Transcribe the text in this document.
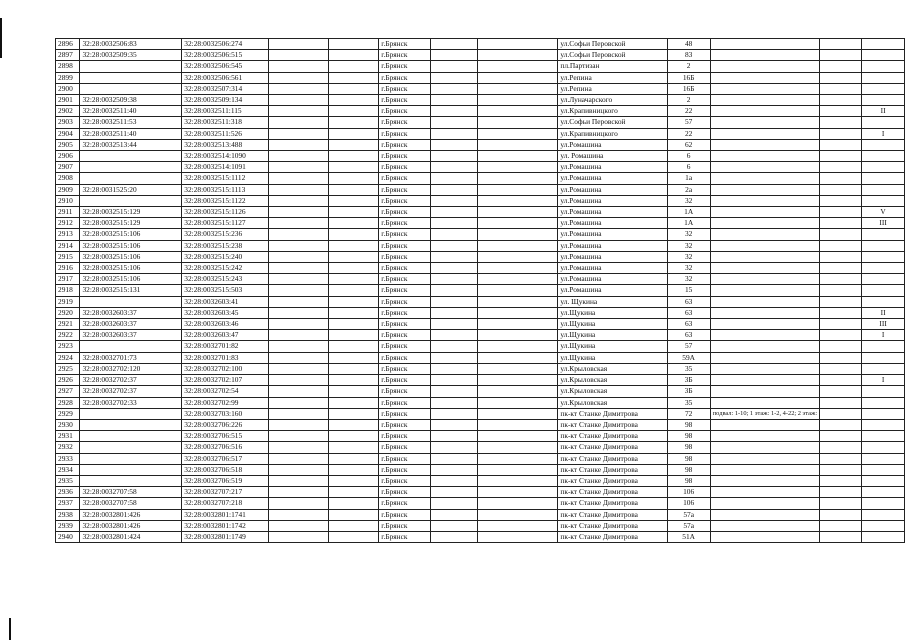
2896	32:28:0032506:83	32:28:0032506:274			г.Брянск			ул.Софьи Перовской	48			
2897	32:28:0032509:35	32:28:0032506:515			г.Брянск			ул.Софьи Перовской	83			
2898		32:28:0032506:545			г.Брянск			пл.Партизан	2			
2899		32:28:0032506:561			г.Брянск			ул.Репина	16Б			
2900		32:28:0032507:314			г.Брянск			ул.Репина	16Б			
2901	32:28:0032509:38	32:28:0032509:134			г.Брянск			ул.Луначарского	2			
2902	32:28:0032511:40	32:28:0032511:115			г.Брянск			ул.Крапивницкого	22			II
2903	32:28:0032511:53	32:28:0032511:318			г.Брянск			ул.Софьи Перовской	57			
2904	32:28:0032511:40	32:28:0032511:526			г.Брянск			ул.Крапивницкого	22			I
2905	32:28:0032513:44	32:28:0032513:488			г.Брянск			ул.Ромашина	62			
2906		32:28:0032514:1090			г.Брянск			ул. Ромашина	6			
2907		32:28:0032514:1091			г.Брянск			ул.Ромашина	6			
2908		32:28:0032515:1112			г.Брянск			ул.Ромашина	1а			
2909	32:28:0031525:20	32:28:0032515:1113			г.Брянск			ул.Ромашина	2а			
2910		32:28:0032515:1122			г.Брянск			ул.Ромашина	32			
2911	32:28:0032515:129	32:28:0032515:1126			г.Брянск			ул.Ромашина	1А			V
2912	32:28:0032515:129	32:28:0032515:1127			г.Брянск			ул.Ромашина	1А			III
2913	32:28:0032515:106	32:28:0032515:236			г.Брянск			ул.Ромашина	32			
2914	32:28:0032515:106	32:28:0032515:238			г.Брянск			ул.Ромашина	32			
2915	32:28:0032515:106	32:28:0032515:240			г.Брянск			ул.Ромашина	32			
2916	32:28:0032515:106	32:28:0032515:242			г.Брянск			ул.Ромашина	32			
2917	32:28:0032515:106	32:28:0032515:243			г.Брянск			ул.Ромашина	32			
2918	32:28:0032515:131	32:28:0032515:503			г.Брянск			ул.Ромашина	15			
2919		32:28:0032603:41			г.Брянск			ул. Щукина	63			
2920	32:28:0032603:37	32:28:0032603:45			г.Брянск			ул.Щукина	63			II
2921	32:28:0032603:37	32:28:0032603:46			г.Брянск			ул.Щукина	63			III
2922	32:28:0032603:37	32:28:0032603:47			г.Брянск			ул.Щукина	63			I
2923		32:28:0032701:82			г.Брянск			ул.Щукина	57			
2924	32:28:0032701:73	32:28:0032701:83			г.Брянск			ул.Щукина	59А			
2925	32:28:0032702:120	32:28:0032702:100			г.Брянск			ул.Крыловская	35			
2926	32:28:0032702:37	32:28:0032702:107			г.Брянск			ул.Крыловская	3Б			I
2927	32:28:0032702:37	32:28:0032702:54			г.Брянск			ул.Крыловская	3Б			
2928	32:28:0032702:33	32:28:0032702:99			г.Брянск			ул.Крыловская	35			
2929		32:28:0032703:160			г.Брянск			пк-кт Станке Димитрова	72	подвал: 1-10; 1 этаж: 1-2, 4-22; 2 этаж:		
2930		32:28:0032706:226			г.Брянск			пк-кт Станке Димитрова	98			
2931		32:28:0032706:515			г.Брянск			пк-кт Станке Димитрова	98			
2932		32:28:0032706:516			г.Брянск			пк-кт Станке Димитрова	98			
2933		32:28:0032706:517			г.Брянск			пк-кт Станке Димитрова	98			
2934		32:28:0032706:518			г.Брянск			пк-кт Станке Димитрова	98			
2935		32:28:0032706:519			г.Брянск			пк-кт Станке Димитрова	98			
2936	32:28:0032707:58	32:28:0032707:217			г.Брянск			пк-кт Станке Димитрова	106			
2937	32:28:0032707:58	32:28:0032707:218			г.Брянск			пк-кт Станке Димитрова	106			
2938	32:28:0032801:426	32:28:0032801:1741			г.Брянск			пк-кт Станке Димитрова	57а			
2939	32:28:0032801:426	32:28:0032801:1742			г.Брянск			пк-кт Станке Димитрова	57а			
2940	32:28:0032801:424	32:28:0032801:1749			г.Брянск			пк-кт Станке Димитрова	51А			
